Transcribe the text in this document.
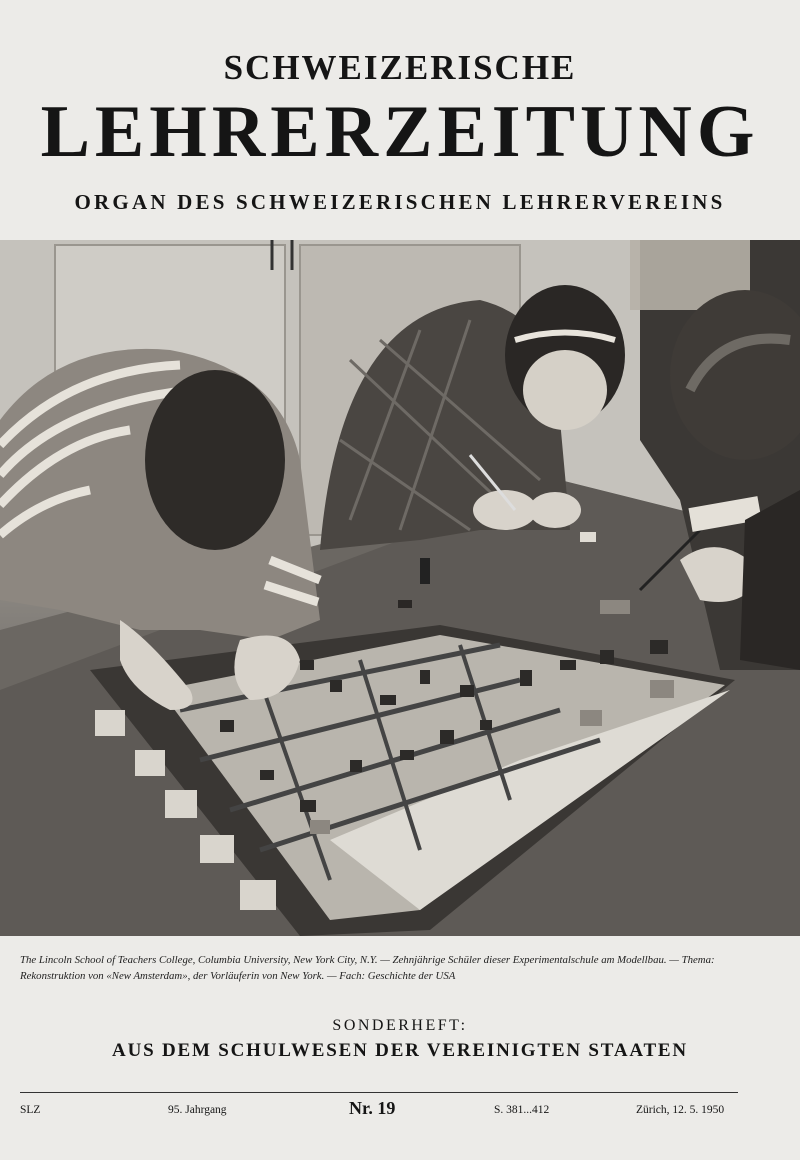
SCHWEIZERISCHE
LEHRERZEITUNG
ORGAN DES SCHWEIZERISCHEN LEHRERVEREINS
The Lincoln School of Teachers College, Columbia University, New York City, N.Y. — Zehnjährige Schüler dieser Experimentalschule am Modellbau. — Thema: Rekonstruktion von «New Amsterdam», der Vorläuferin von New York. — Fach: Geschichte der USA
SONDERHEFT:
AUS DEM SCHULWESEN DER VEREINIGTEN STAATEN
SLZ	95. Jahrgang	Nr. 19	S. 381...412	Zürich, 12. 5. 1950
